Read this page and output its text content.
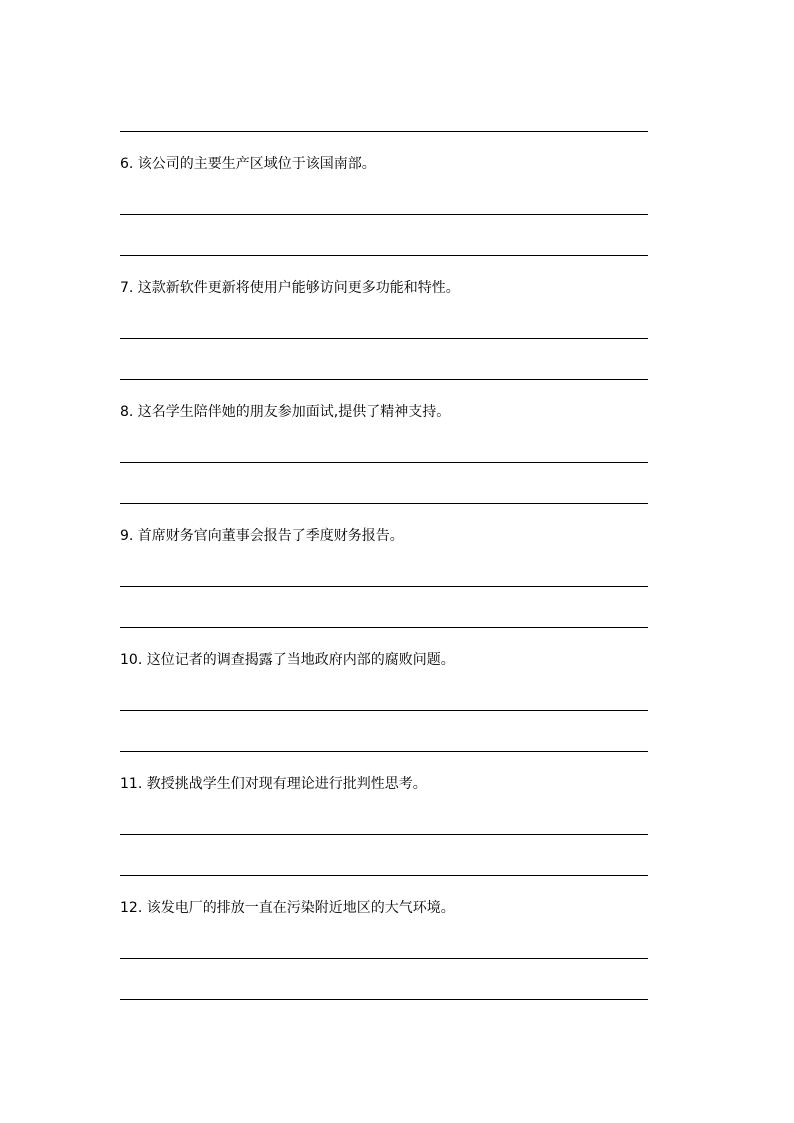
6. 该公司的主要生产区域位于该国南部。
7. 这款新软件更新将使用户能够访问更多功能和特性。
8. 这名学生陪伴她的朋友参加面试,提供了精神支持。
9. 首席财务官向董事会报告了季度财务报告。
10. 这位记者的调查揭露了当地政府内部的腐败问题。
11. 教授挑战学生们对现有理论进行批判性思考。
12. 该发电厂的排放一直在污染附近地区的大气环境。
